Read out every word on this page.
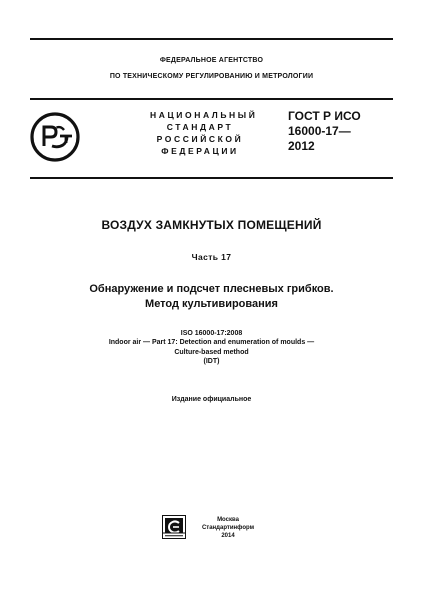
ФЕДЕРАЛЬНОЕ АГЕНТСТВО
ПО ТЕХНИЧЕСКОМУ РЕГУЛИРОВАНИЮ И МЕТРОЛОГИИ
НАЦИОНАЛЬНЫЙ
СТАНДАРТ
РОССИЙСКОЙ
ФЕДЕРАЦИИ
ГОСТ Р ИСО
16000-17—
2012
ВОЗДУХ ЗАМКНУТЫХ ПОМЕЩЕНИЙ
Часть 17
Обнаружение и подсчет плесневых грибков.
Метод культивирования
ISO 16000-17:2008
Indoor air — Part 17: Detection and enumeration of moulds —
Culture-based method
(IDT)
Издание официальное
Москва
Стандартинформ
2014
